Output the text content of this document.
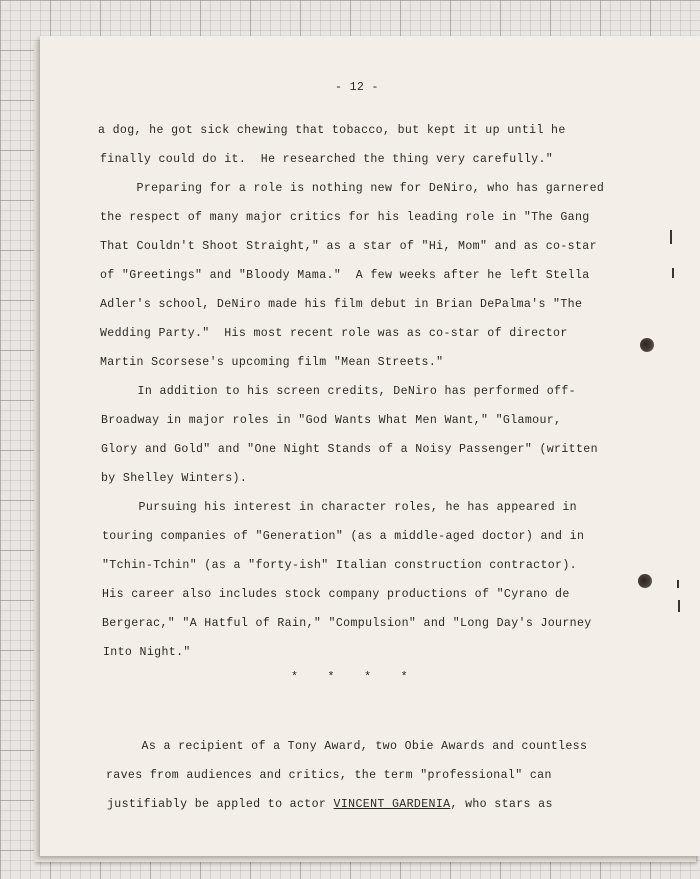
- 12 -
a dog, he got sick chewing that tobacco, but kept it up until he
finally could do it.  He researched the thing very carefully."
Preparing for a role is nothing new for DeNiro, who has garnered
the respect of many major critics for his leading role in "The Gang
That Couldn't Shoot Straight," as a star of "Hi, Mom" and as co-star
of "Greetings" and "Bloody Mama."  A few weeks after he left Stella
Adler's school, DeNiro made his film debut in Brian DePalma's "The
Wedding Party."  His most recent role was as co-star of director
Martin Scorsese's upcoming film "Mean Streets."
In addition to his screen credits, DeNiro has performed off-
Broadway in major roles in "God Wants What Men Want," "Glamour,
Glory and Gold" and "One Night Stands of a Noisy Passenger" (written
by Shelley Winters).
Pursuing his interest in character roles, he has appeared in
touring companies of "Generation" (as a middle-aged doctor) and in
"Tchin-Tchin" (as a "forty-ish" Italian construction contractor).
His career also includes stock company productions of "Cyrano de
Bergerac," "A Hatful of Rain," "Compulsion" and "Long Day's Journey
Into Night."
*    *    *    *
As a recipient of a Tony Award, two Obie Awards and countless
raves from audiences and critics, the term "professional" can
justifiably be appled to actor VINCENT GARDENIA, who stars as
